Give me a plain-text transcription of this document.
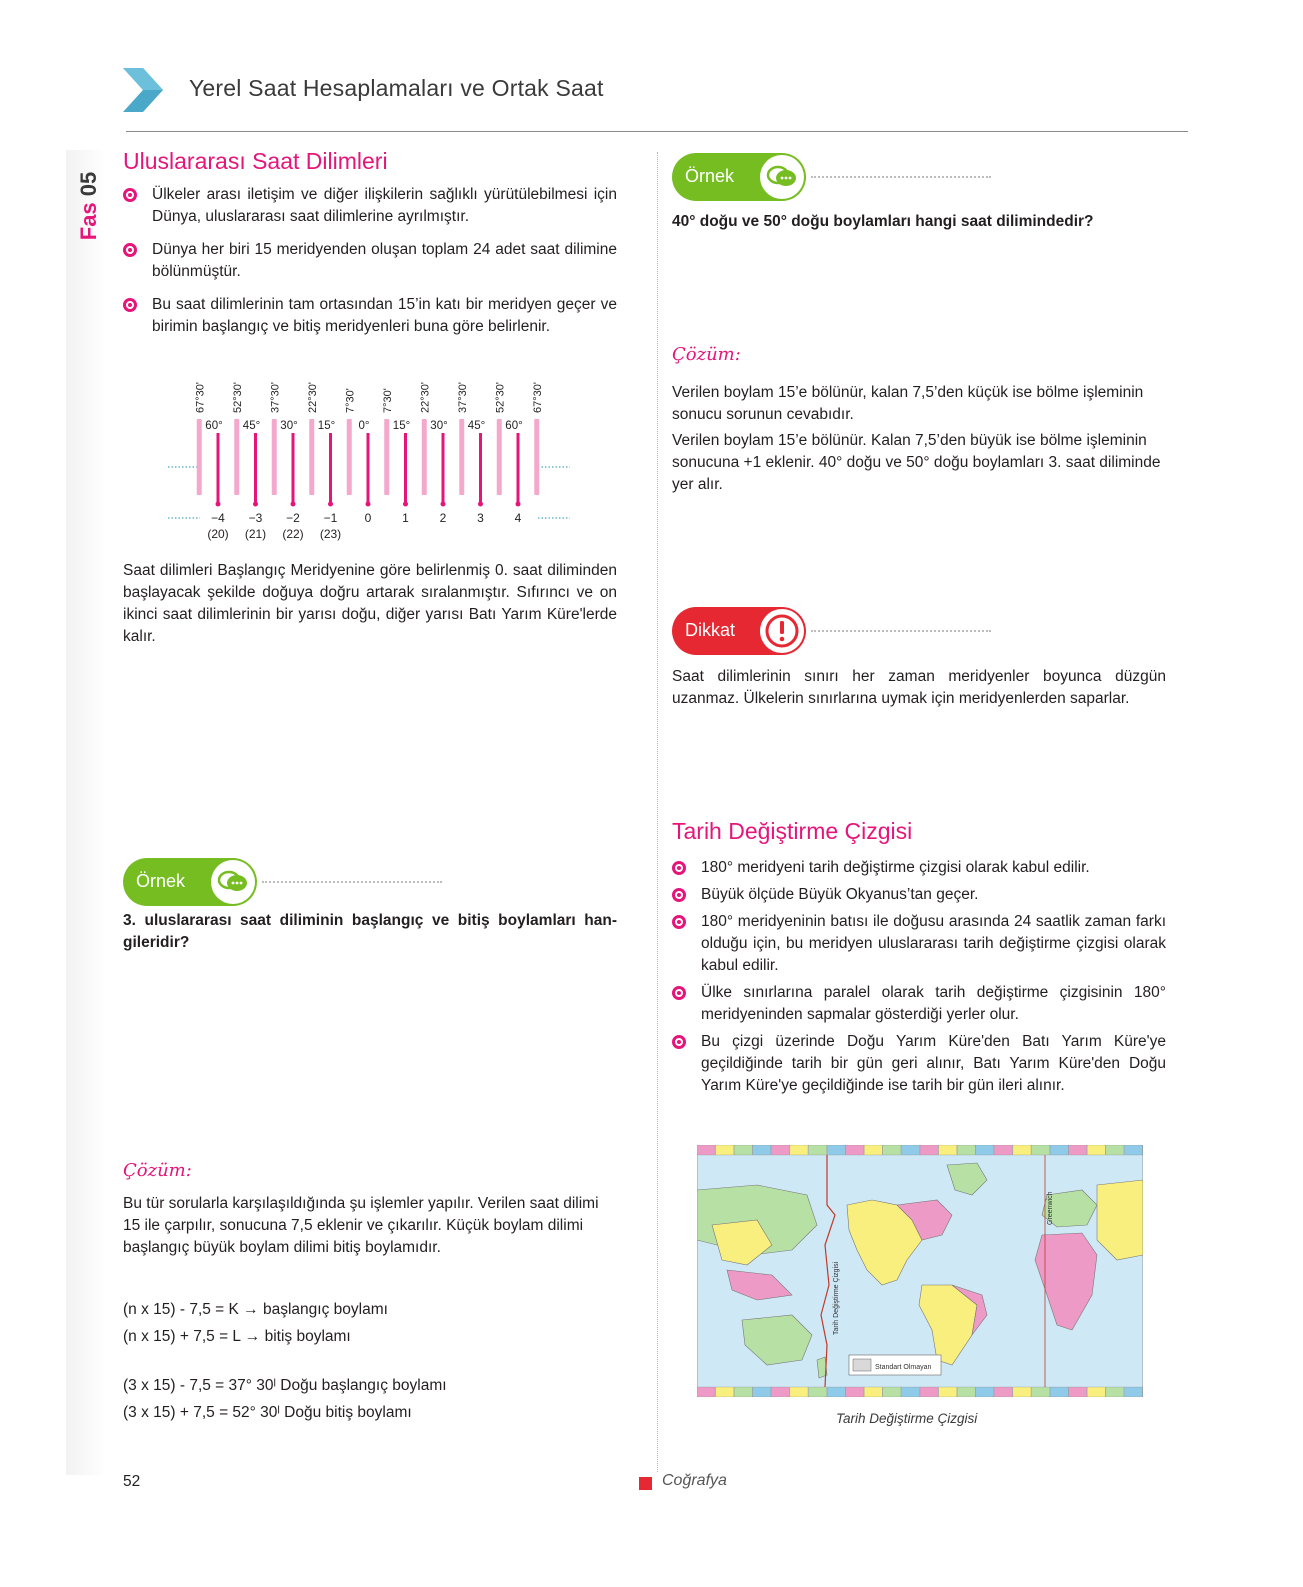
Yerel Saat Hesaplamaları ve Ortak Saat
Fas 05
Uluslararası Saat Dilimleri
Ülkeler arası iletişim ve diğer ilişkilerin sağlıklı yürütülebilmesi için Dünya, uluslararası saat dilimlerine ayrılmıştır.
Dünya her biri 15 meridyenden oluşan toplam 24 adet saat dilimine bölünmüştür.
Bu saat dilimlerinin tam ortasından 15’in katı bir meridyen geçer ve birimin başlangıç ve bitiş meridyenleri buna göre belirlenir.
67°30' 52°30' 37°30' 22°30' 7°30' 7°30' 22°30' 37°30' 52°30' 67°30'
60°
−4
(20)
45°
−3
(21)
30°
−2
(22)
15°
−1
(23)
0°
0
15°
1
30°
2
45°
3
60°
4
Saat dilimleri Başlangıç Meridyenine göre belirlenmiş 0. saat diliminden başlayacak şekilde doğuya doğru artarak sıralanmıştır. Sıfırıncı ve on ikinci saat dilimlerinin bir yarısı doğu, diğer yarısı Batı Yarım Küre'lerde kalır.
Örnek
3. uluslararası saat diliminin başlangıç ve bitiş boylamları hangileridir?
Çözüm:
Bu tür sorularla karşılaşıldığında şu işlemler yapılır. Verilen saat dilimi 15 ile çarpılır, sonucuna 7,5 eklenir ve çıkarılır. Küçük boylam dilimi başlangıç büyük boylam dilimi bitiş boylamıdır.
(n x 15) - 7,5 = K → başlangıç boylamı
(n x 15) + 7,5 = L → bitiş boylamı
(3 x 15) - 7,5 = 37° 30ˡ Doğu başlangıç boylamı
(3 x 15) + 7,5 = 52° 30ˡ Doğu bitiş boylamı
Örnek
40° doğu ve 50° doğu boylamları hangi saat dilimindedir?
Çözüm:
Verilen boylam 15’e bölünür, kalan 7,5’den küçük ise bölme işleminin sonucu sorunun cevabıdır.
Verilen boylam 15’e bölünür. Kalan 7,5’den büyük ise bölme işleminin sonucuna +1 eklenir. 40° doğu ve 50° doğu boylamları 3. saat diliminde yer alır.
Dikkat
Saat dilimlerinin sınırı her zaman meridyenler boyunca düzgün uzanmaz. Ülkelerin sınırlarına uymak için meridyenlerden saparlar.
Tarih Değiştirme Çizgisi
180° meridyeni tarih değiştirme çizgisi olarak kabul edilir.
Büyük ölçüde Büyük Okyanus’tan geçer.
180° meridyeninin batısı ile doğusu arasında 24 saatlik zaman farkı olduğu için, bu meridyen uluslararası tarih değiştirme çizgisi olarak kabul edilir.
Ülke sınırlarına paralel olarak tarih değiştirme çizgisinin 180° meridyeninden sapmalar gösterdiği yerler olur.
Bu çizgi üzerinde Doğu Yarım Küre'den Batı Yarım Küre'ye geçildiğinde tarih bir gün geri alınır, Batı Yarım Küre'den Doğu Yarım Küre'ye geçildiğinde ise tarih bir gün ileri alınır.
Tarih Değiştirme Çizgisi
Greenwich
Standart Olmayan
Tarih Değiştirme Çizgisi
52	Coğrafya
